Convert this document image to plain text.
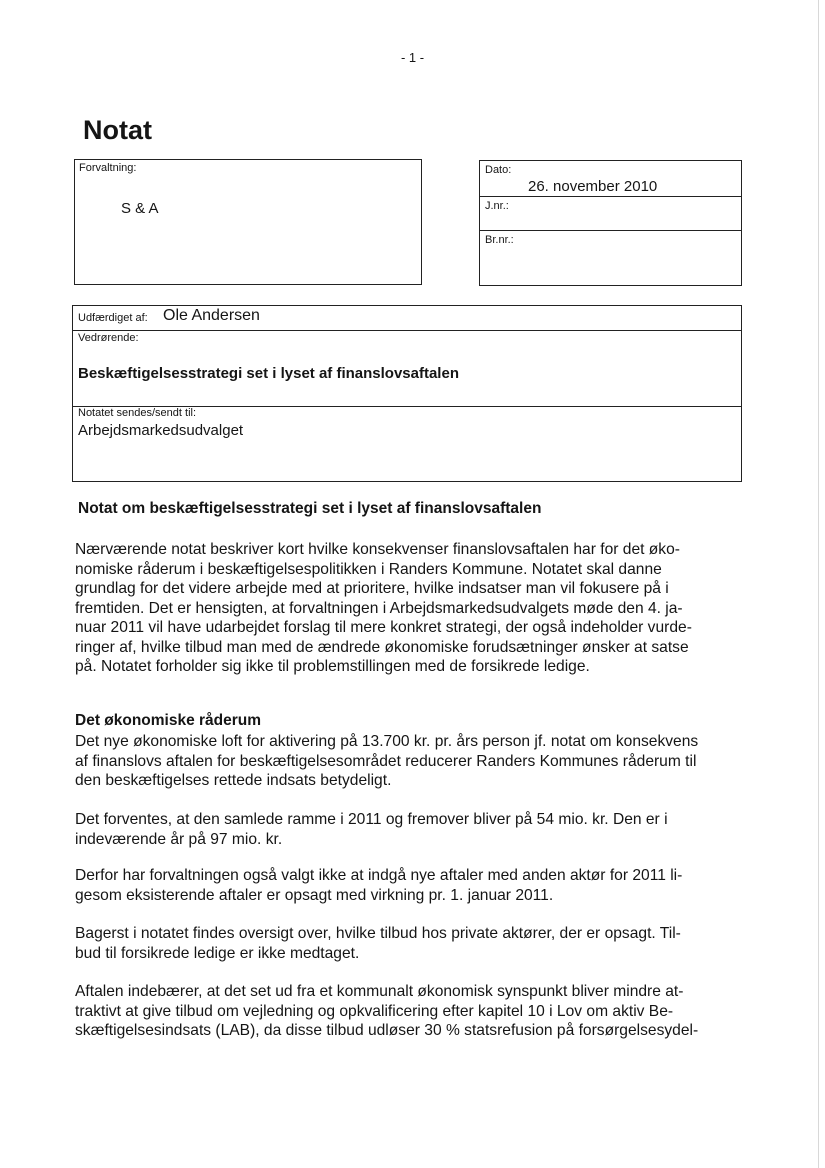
- 1 -
Notat
Forvaltning:
S & A
Dato:
26. november 2010
J.nr.:
Br.nr.:
Udfærdiget af: Ole Andersen
Vedrørende:
Beskæftigelsesstrategi set i lyset af finanslovsaftalen
Notatet sendes/sendt til:
Arbejdsmarkedsudvalget
Notat om beskæftigelsesstrategi set i lyset af finanslovsaftalen

Nærværende notat beskriver kort hvilke konsekvenser finanslovsaftalen har for det øko-

nomiske råderum i beskæftigelsespolitikken i Randers Kommune. Notatet skal danne

grundlag for det videre arbejde med at prioritere, hvilke indsatser man vil fokusere på i

fremtiden. Det er hensigten, at forvaltningen i Arbejdsmarkedsudvalgets møde den 4. ja-

nuar 2011 vil have udarbejdet forslag til mere konkret strategi, der også indeholder vurde-

ringer af, hvilke tilbud man med de ændrede økonomiske forudsætninger ønsker at satse

på. Notatet forholder sig ikke til problemstillingen med de forsikrede ledige.

Det økonomiske råderum

Det nye økonomiske loft for aktivering på 13.700 kr. pr. års person jf. notat om konsekvens

af finanslovs aftalen for beskæftigelsesområdet reducerer Randers Kommunes råderum til

den beskæftigelses rettede indsats betydeligt.

Det forventes, at den samlede ramme i 2011 og fremover bliver på 54 mio. kr. Den er i

indeværende år på 97 mio. kr.

Derfor har forvaltningen også valgt ikke at indgå nye aftaler med anden aktør for 2011 li-

gesom eksisterende aftaler er opsagt med virkning pr. 1. januar 2011.

Bagerst i notatet findes oversigt over, hvilke tilbud hos private aktører, der er opsagt. Til-

bud til forsikrede ledige er ikke medtaget.

Aftalen indebærer, at det set ud fra et kommunalt økonomisk synspunkt bliver mindre at-

traktivt at give tilbud om vejledning og opkvalificering efter kapitel 10 i Lov om aktiv Be-

skæftigelsesindsats (LAB), da disse tilbud udløser 30 % statsrefusion på forsørgelsesydel-
